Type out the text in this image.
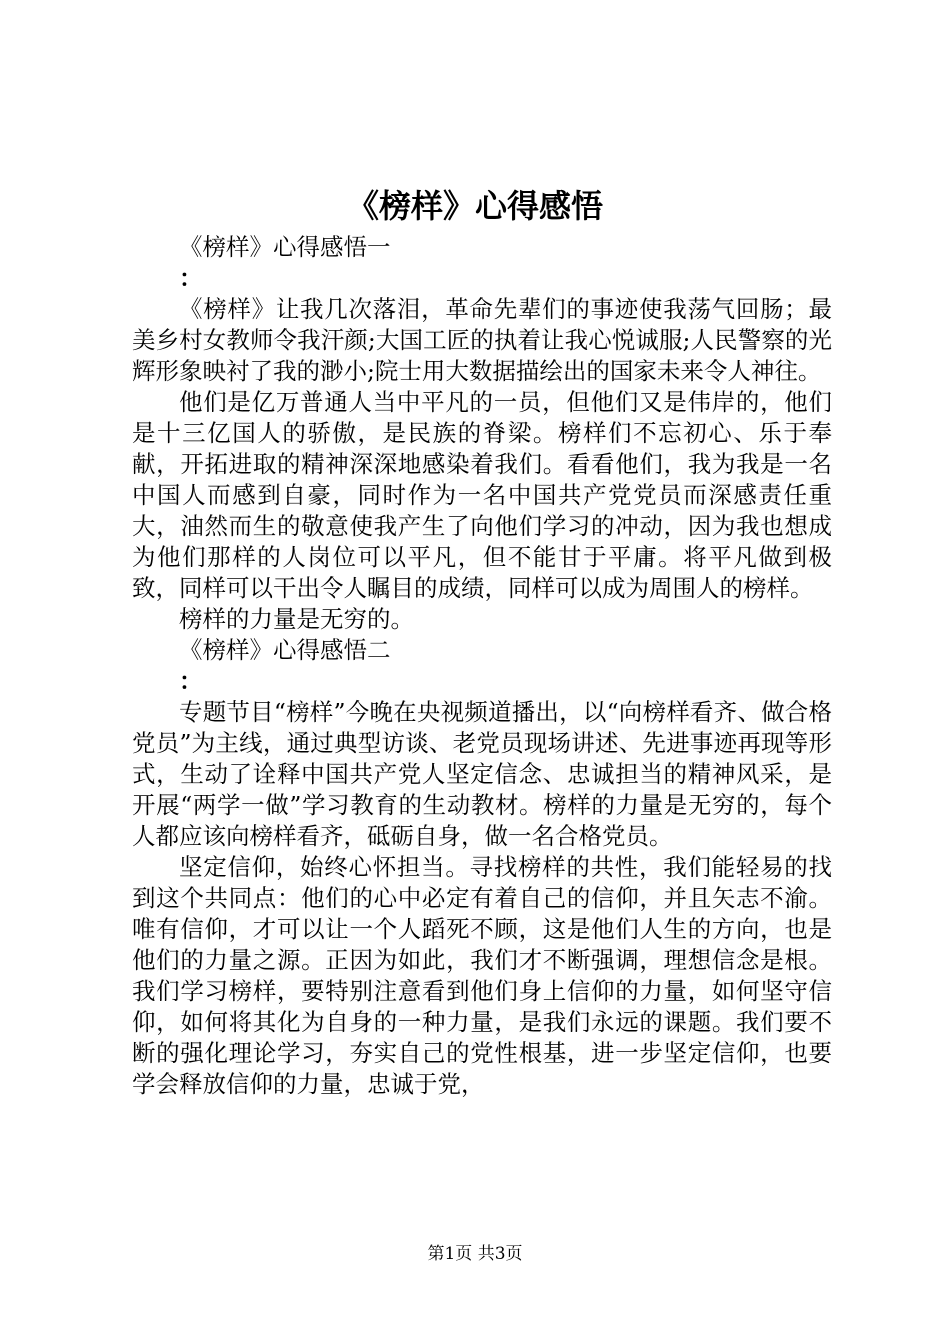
《榜样》心得感悟

《榜样》心得感悟一

：

《榜样》让我几次落泪，革命先辈们的事迹使我荡气回肠；最美乡村女教师令我汗颜;大国工匠的执着让我心悦诚服;人民警察的光辉形象映衬了我的渺小;院士用大数据描绘出的国家未来令人神往。

他们是亿万普通人当中平凡的一员，但他们又是伟岸的，他们是十三亿国人的骄傲，是民族的脊梁。榜样们不忘初心、乐于奉献，开拓进取的精神深深地感染着我们。看看他们，我为我是一名中国人而感到自豪，同时作为一名中国共产党党员而深感责任重大，油然而生的敬意使我产生了向他们学习的冲动，因为我也想成为他们那样的人岗位可以平凡，但不能甘于平庸。将平凡做到极致，同样可以干出令人瞩目的成绩，同样可以成为周围人的榜样。

榜样的力量是无穷的。

《榜样》心得感悟二

：

专题节目“榜样”今晚在央视频道播出，以“向榜样看齐、做合格党员”为主线，通过典型访谈、老党员现场讲述、先进事迹再现等形式，生动了诠释中国共产党人坚定信念、忠诚担当的精神风采，是开展“两学一做”学习教育的生动教材。榜样的力量是无穷的，每个人都应该向榜样看齐，砥砺自身，做一名合格党员。

坚定信仰，始终心怀担当。寻找榜样的共性，我们能轻易的找到这个共同点：他们的心中必定有着自己的信仰，并且矢志不渝。唯有信仰，才可以让一个人蹈死不顾，这是他们人生的方向，也是他们的力量之源。正因为如此，我们才不断强调，理想信念是根。我们学习榜样，要特别注意看到他们身上信仰的力量，如何坚守信仰，如何将其化为自身的一种力量，是我们永远的课题。我们要不断的强化理论学习，夯实自己的党性根基，进一步坚定信仰，也要学会释放信仰的力量，忠诚于党，

第1页 共3页
